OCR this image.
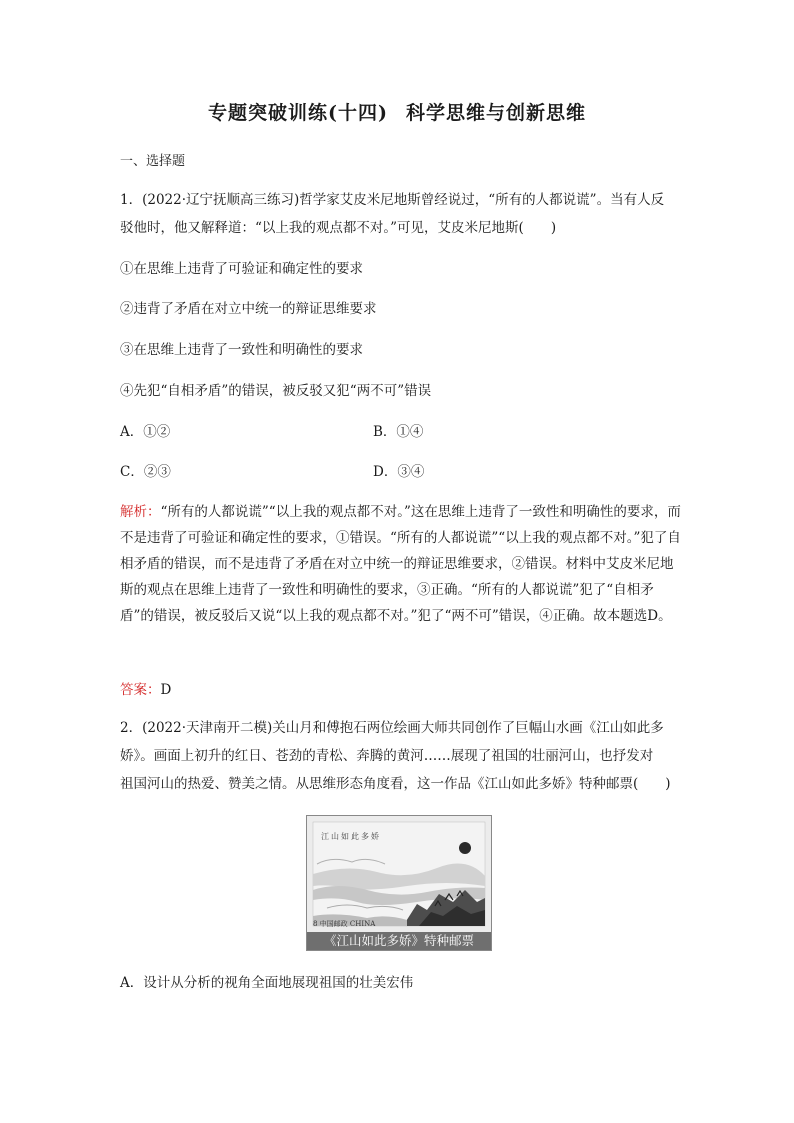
专题突破训练(十四) 科学思维与创新思维
一、选择题
1．(2022·辽宁抚顺高三练习)哲学家艾皮米尼地斯曾经说过，“所有的人都说谎”。当有人反
驳他时，他又解释道：“以上我的观点都不对。”可见，艾皮米尼地斯(　　)
①在思维上违背了可验证和确定性的要求
②违背了矛盾在对立中统一的辩证思维要求
③在思维上违背了一致性和明确性的要求
④先犯“自相矛盾”的错误，被反驳又犯“两不可”错误
A．①②	B．①④
C．②③	D．③④
解析：“所有的人都说谎”“以上我的观点都不对。”这在思维上违背了一致性和明确性的要求，而不是违背了可验证和确定性的要求，①错误。“所有的人都说谎”“以上我的观点都不对。”犯了自相矛盾的错误，而不是违背了矛盾在对立中统一的辩证思维要求，②错误。材料中艾皮米尼地斯的观点在思维上违背了一致性和明确性的要求，③正确。“所有的人都说谎”犯了“自相矛盾”的错误，被反驳后又说“以上我的观点都不对。”犯了“两不可”错误，④正确。故本题选D。
答案：D
2．(2022·天津南开二模)关山月和傅抱石两位绘画大师共同创作了巨幅山水画《江山如此多
娇》。画面上初升的红日、苍劲的青松、奔腾的黄河……展现了祖国的壮丽河山，也抒发对
祖国河山的热爱、赞美之情。从思维形态角度看，这一作品《江山如此多娇》特种邮票(　　)
江山如此多娇
8 中国邮政 CHINA
《江山如此多娇》特种邮票
A．设计从分析的视角全面地展现祖国的壮美宏伟
